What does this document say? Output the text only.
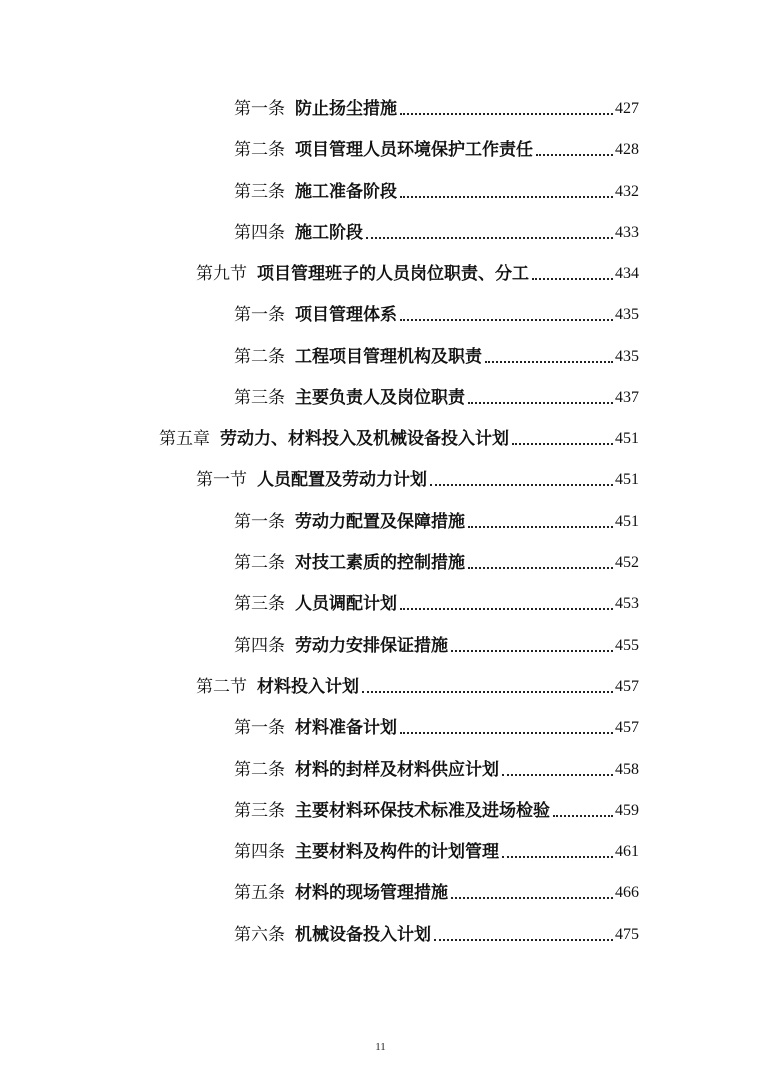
第一条 防止扬尘措施	427
第二条 项目管理人员环境保护工作责任	428
第三条 施工准备阶段	432
第四条 施工阶段	433
第九节 项目管理班子的人员岗位职责、分工	434
第一条 项目管理体系	435
第二条 工程项目管理机构及职责	435
第三条 主要负责人及岗位职责	437
第五章 劳动力、材料投入及机械设备投入计划	451
第一节 人员配置及劳动力计划	451
第一条 劳动力配置及保障措施	451
第二条 对技工素质的控制措施	452
第三条 人员调配计划	453
第四条 劳动力安排保证措施	455
第二节 材料投入计划	457
第一条 材料准备计划	457
第二条 材料的封样及材料供应计划	458
第三条 主要材料环保技术标准及进场检验	459
第四条 主要材料及构件的计划管理	461
第五条 材料的现场管理措施	466
第六条 机械设备投入计划	475
11
